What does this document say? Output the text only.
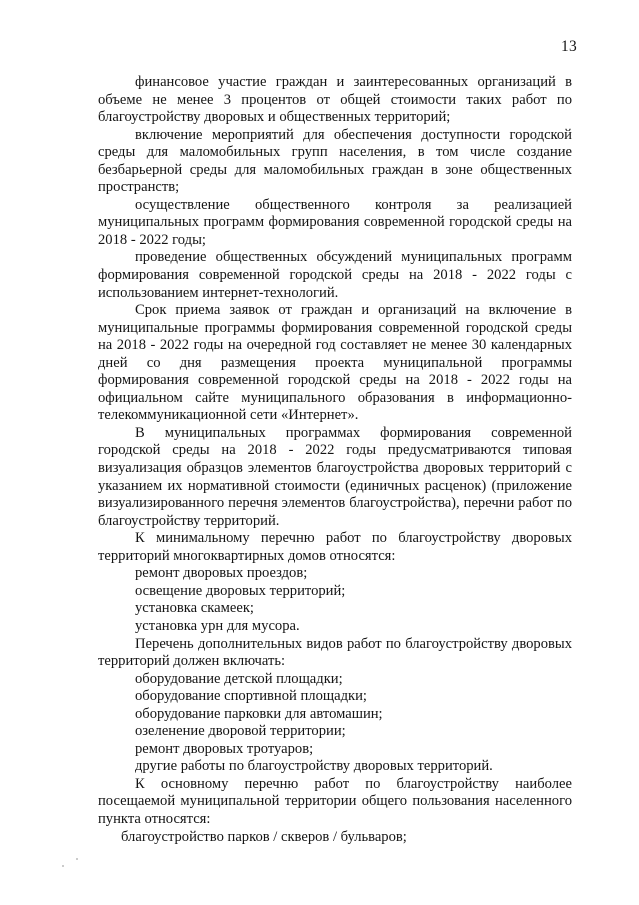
13

финансовое участие граждан и заинтересованных организаций в объеме не менее 3 процентов от общей стоимости таких работ по благоустройству дворовых и общественных территорий;

включение мероприятий для обеспечения доступности городской среды для маломобильных групп населения, в том числе создание безбарьерной среды для маломобильных граждан в зоне общественных пространств;

осуществление общественного контроля за реализацией муниципальных программ формирования современной городской среды на 2018 - 2022 годы;

проведение общественных обсуждений муниципальных программ формирования современной городской среды на 2018 - 2022 годы с использованием интернет-технологий.

Срок приема заявок от граждан и организаций на включение в муниципальные программы формирования современной городской среды на 2018 - 2022 годы на очередной год составляет не менее 30 календарных дней со дня размещения проекта муниципальной программы формирования современной городской среды на 2018 - 2022 годы на официальном сайте муниципального образования в информационно-телекоммуникационной сети «Интернет».

В муниципальных программах формирования современной городской среды на 2018 - 2022 годы предусматриваются типовая визуализация образцов элементов благоустройства дворовых территорий с указанием их нормативной стоимости (единичных расценок) (приложение визуализированного перечня элементов благоустройства), перечни работ по благоустройству территорий.

К минимальному перечню работ по благоустройству дворовых территорий многоквартирных домов относятся:

ремонт дворовых проездов;

освещение дворовых территорий;

установка скамеек;

установка урн для мусора.

Перечень дополнительных видов работ по благоустройству дворовых территорий должен включать:

оборудование детской площадки;

оборудование спортивной площадки;

оборудование парковки для автомашин;

озеленение дворовой территории;

ремонт дворовых тротуаров;

другие работы по благоустройству дворовых территорий.

К основному перечню работ по благоустройству наиболее посещаемой муниципальной территории общего пользования населенного пункта относятся:

благоустройство парков / скверов / бульваров;
